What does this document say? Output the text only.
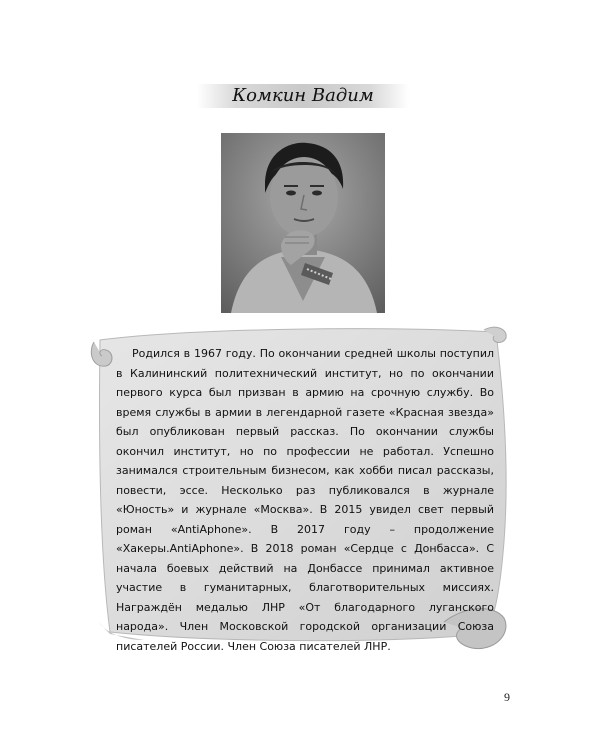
Комкин Вадим

Родился в 1967 году. По окончании средней школы поступил в Калининский политехнический институт, но по окончании первого курса был призван в армию на срочную службу. Во время службы в армии в легендарной газете «Красная звезда» был опубликован первый рассказ. По окончании службы окончил институт, но по профессии не работал. Успешно занимался строительным бизнесом, как хобби писал рассказы, повести, эссе. Несколько раз публиковался в журнале «Юность» и журнале «Москва». В 2015 увидел свет первый роман «AntiAphone». В 2017 году – продолжение «Хакеры.AntiAphone». В 2018 роман «Сердце с Донбасса». С начала боевых действий на Донбассе принимал активное участие в гуманитарных, благотворительных миссиях. Награждён медалью ЛНР «От благодарного луганского народа». Член Московской городской организации Союза писателей России. Член Союза писателей ЛНР.

9
